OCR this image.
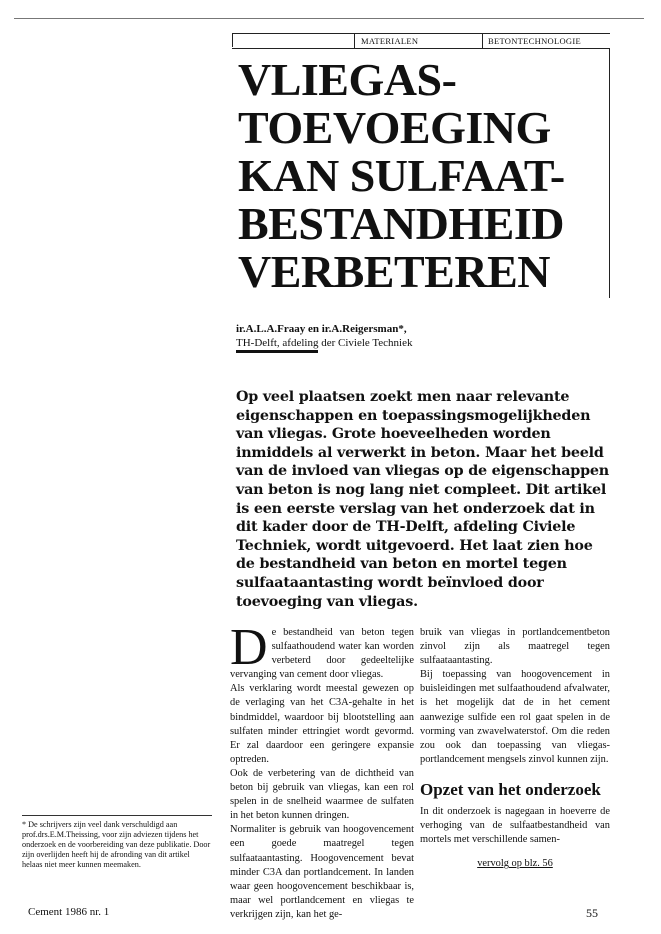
MATERIALEN	BETONTECHNOLOGIE
VLIEGAS-
TOEVOEGING
KAN SULFAAT-
BESTANDHEID
VERBETEREN
ir.A.L.A.Fraay en ir.A.Reigersman*,
TH-Delft, afdeling der Civiele Techniek
Op veel plaatsen zoekt men naar relevante
eigenschappen en toepassingsmogelijkheden
van vliegas. Grote hoeveelheden worden
inmiddels al verwerkt in beton. Maar het beeld
van de invloed van vliegas op de eigenschappen
van beton is nog lang niet compleet. Dit artikel
is een eerste verslag van het onderzoek dat in
dit kader door de TH-Delft, afdeling Civiele
Techniek, wordt uitgevoerd. Het laat zien hoe
de bestandheid van beton en mortel tegen
sulfaataantasting wordt beïnvloed door
toevoeging van vliegas.
D e bestandheid van beton tegen sulfaathoudend water kan worden verbeterd door gedeeltelijke vervanging van cement door vliegas.

Als verklaring wordt meestal gewezen op de verlaging van het C3A-gehalte in het bindmiddel, waardoor bij blootstelling aan sulfaten minder ettringiet wordt gevormd. Er zal daardoor een geringere expansie optreden.

Ook de verbetering van de dichtheid van beton bij gebruik van vliegas, kan een rol spelen in de snelheid waarmee de sulfaten in het beton kunnen dringen.

Normaliter is gebruik van hoogovencement een goede maatregel tegen sulfaataantasting. Hoogovencement bevat minder C3A dan portlandcement. In landen waar geen hoogovencement beschikbaar is, maar wel portlandcement en vliegas te verkrijgen zijn, kan het ge-

bruik van vliegas in portlandcementbeton zinvol zijn als maatregel tegen sulfaataantasting.

Bij toepassing van hoogovencement in buisleidingen met sulfaathoudend afvalwater, is het mogelijk dat de in het cement aanwezige sulfide een rol gaat spelen in de vorming van zwavelwaterstof. Om die reden zou ook dan toepassing van vliegas-portlandcement mengsels zinvol kunnen zijn.

Opzet van het onderzoek

In dit onderzoek is nagegaan in hoeverre de verhoging van de sulfaatbestandheid van mortels met verschillende samen-

vervolg op blz. 56
* De schrijvers zijn veel dank verschuldigd aan prof.drs.E.M.Theissing, voor zijn adviezen tijdens het onderzoek en de voorbereiding van deze publikatie. Door zijn overlijden heeft hij de afronding van dit artikel helaas niet meer kunnen meemaken.
Cement 1986 nr. 1	55
